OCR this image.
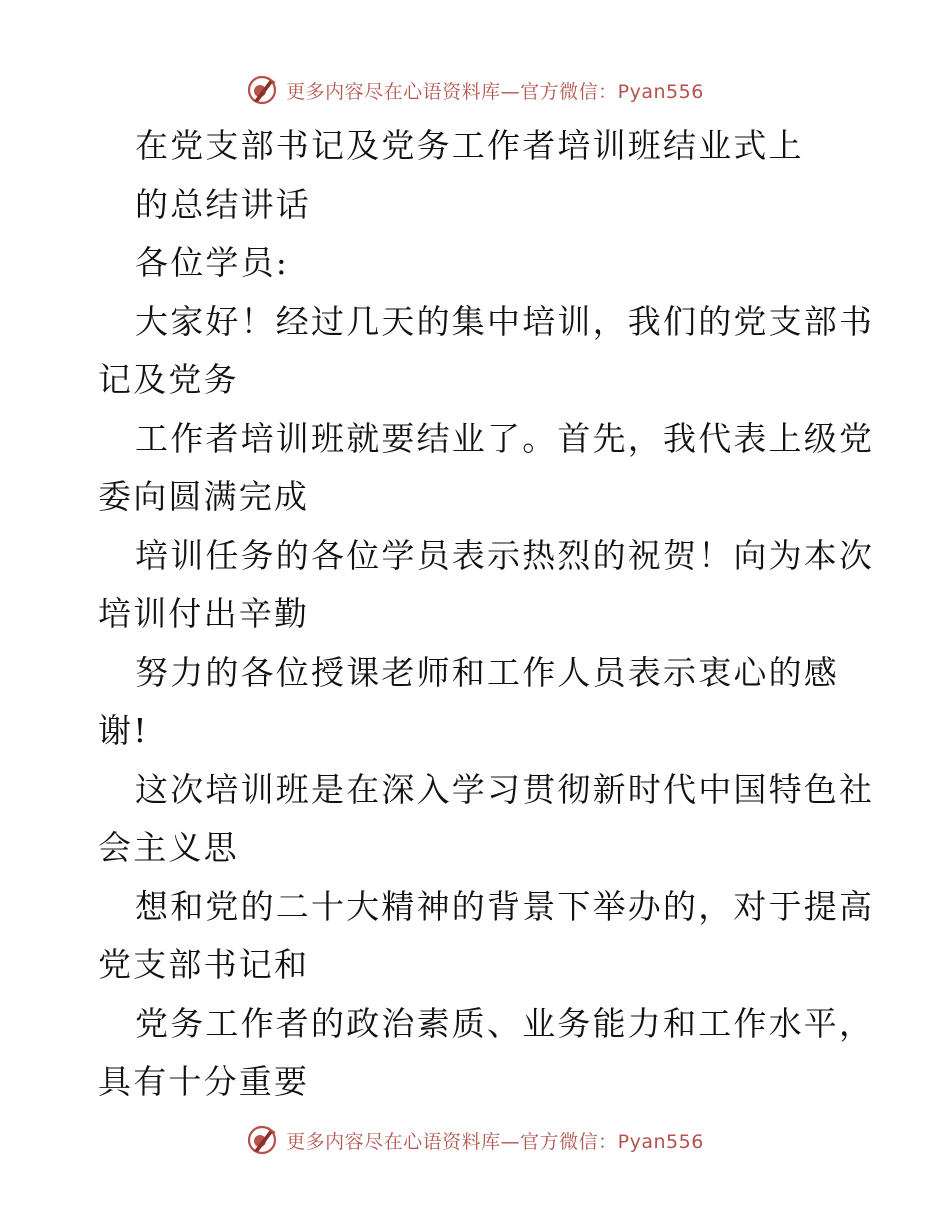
更多内容尽在心语资料库—官方微信：Pyan556
在党支部书记及党务工作者培训班结业式上
的总结讲话
各位学员:
大家好！经过几天的集中培训，我们的党支部书
记及党务
工作者培训班就要结业了。首先，我代表上级党
委向圆满完成
培训任务的各位学员表示热烈的祝贺！向为本次
培训付出辛勤
努力的各位授课老师和工作人员表示衷心的感
谢!
这次培训班是在深入学习贯彻新时代中国特色社
会主义思
想和党的二十大精神的背景下举办的，对于提高
党支部书记和
党务工作者的政治素质、业务能力和工作水平，
具有十分重要
更多内容尽在心语资料库—官方微信：Pyan556
